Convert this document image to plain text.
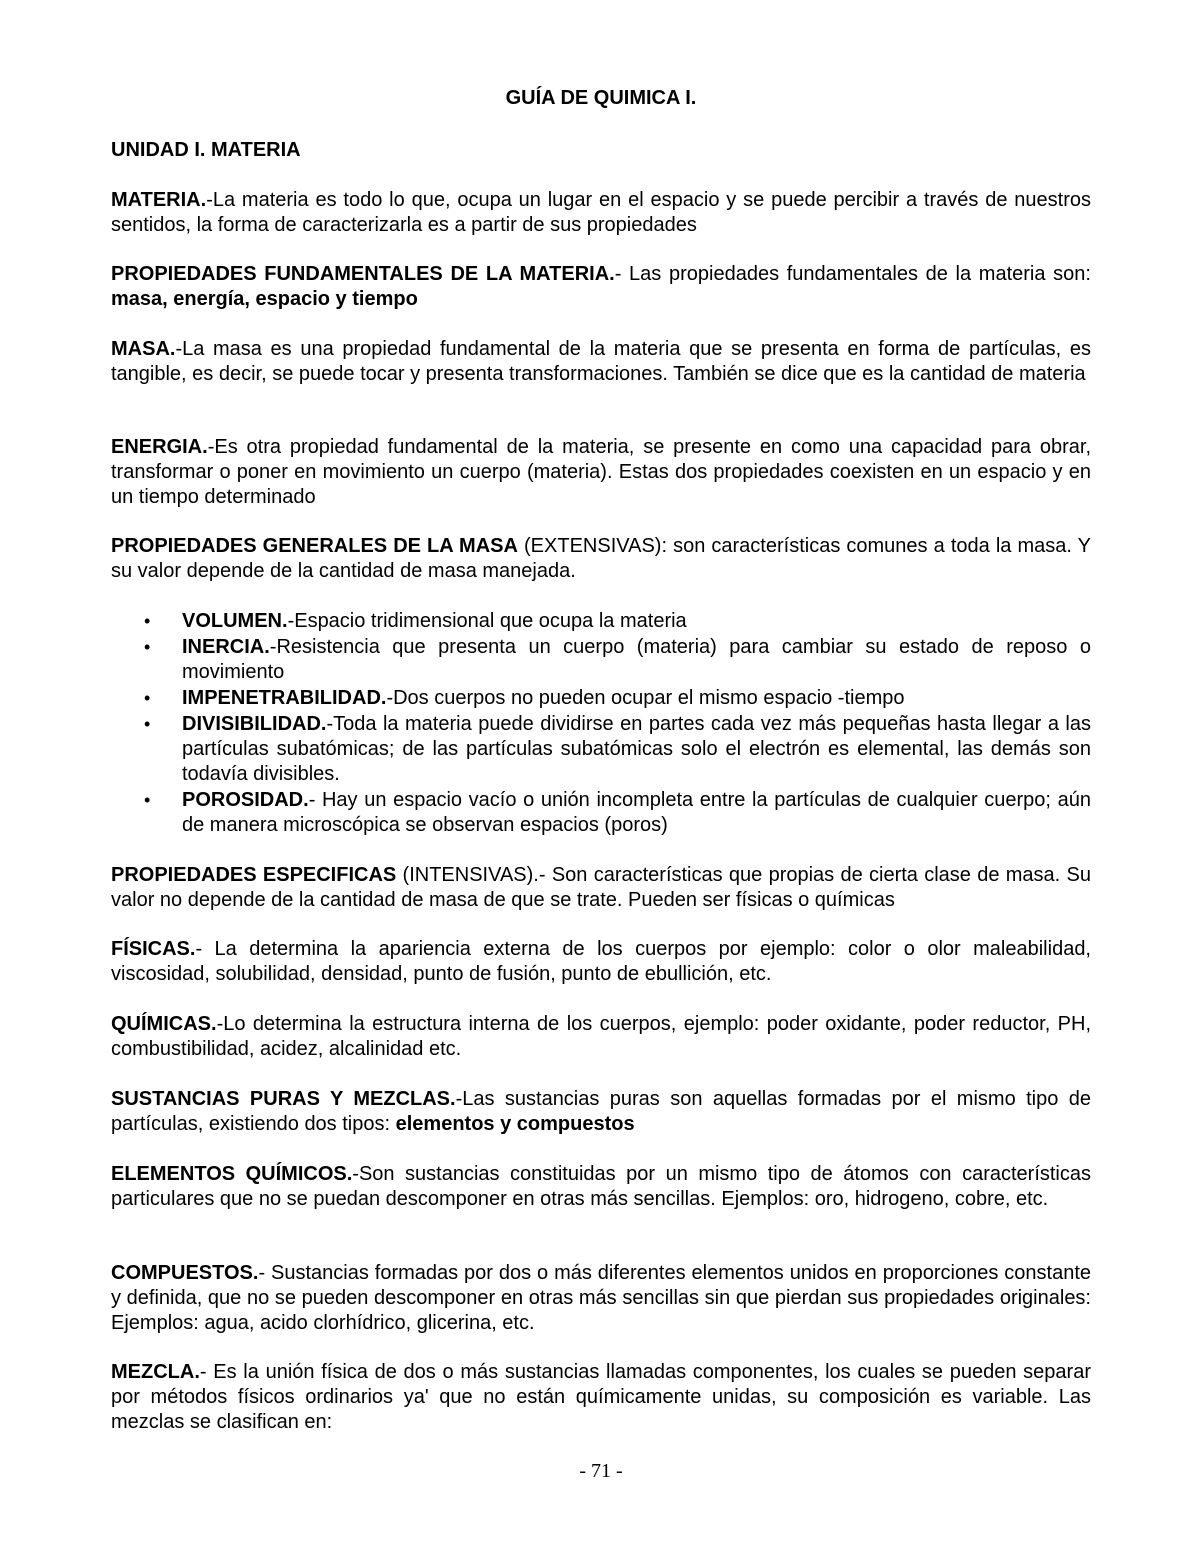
GUÍA DE QUIMICA I.

UNIDAD I. MATERIA

MATERIA.-La materia es todo lo que, ocupa un lugar en el espacio y se puede percibir a través de nuestros sentidos, la forma de caracterizarla es a partir de sus propiedades

PROPIEDADES FUNDAMENTALES DE LA MATERIA.- Las propiedades fundamentales de la materia son: masa, energía, espacio y tiempo

MASA.-La masa es una propiedad fundamental de la materia que se presenta en forma de partículas, es tangible, es decir, se puede tocar y presenta transformaciones. También se dice que es la cantidad de materia

ENERGIA.-Es otra propiedad fundamental de la materia, se presente en como una capacidad para obrar, transformar o poner en movimiento un cuerpo (materia). Estas dos propiedades coexisten en un espacio y en un tiempo determinado

PROPIEDADES GENERALES DE LA MASA (EXTENSIVAS): son características comunes a toda la masa. Y su valor depende de la cantidad de masa manejada.

• VOLUMEN.-Espacio tridimensional que ocupa la materia
• INERCIA.-Resistencia que presenta un cuerpo (materia) para cambiar su estado de reposo o movimiento
• IMPENETRABILIDAD.-Dos cuerpos no pueden ocupar el mismo espacio -tiempo
• DIVISIBILIDAD.-Toda la materia puede dividirse en partes cada vez más pequeñas hasta llegar a las partículas subatómicas; de las partículas subatómicas solo el electrón es elemental, las demás son todavía divisibles.
• POROSIDAD.- Hay un espacio vacío o unión incompleta entre la partículas de cualquier cuerpo; aún de manera microscópica se observan espacios (poros)

PROPIEDADES ESPECIFICAS (INTENSIVAS).- Son características que propias de cierta clase de masa. Su valor no depende de la cantidad de masa de que se trate. Pueden ser físicas o químicas

FÍSICAS.- La determina la apariencia externa de los cuerpos por ejemplo: color o olor maleabilidad, viscosidad, solubilidad, densidad, punto de fusión, punto de ebullición, etc.

QUÍMICAS.-Lo determina la estructura interna de los cuerpos, ejemplo: poder oxidante, poder reductor, PH, combustibilidad, acidez, alcalinidad etc.

SUSTANCIAS PURAS Y MEZCLAS.-Las sustancias puras son aquellas formadas por el mismo tipo de partículas, existiendo dos tipos: elementos y compuestos

ELEMENTOS QUÍMICOS.-Son sustancias constituidas por un mismo tipo de átomos con características particulares que no se puedan descomponer en otras más sencillas. Ejemplos: oro, hidrogeno, cobre, etc.

COMPUESTOS.- Sustancias formadas por dos o más diferentes elementos unidos en proporciones constante y definida, que no se pueden descomponer en otras más sencillas sin que pierdan sus propiedades originales: Ejemplos: agua, acido clorhídrico, glicerina, etc.

MEZCLA.- Es la unión física de dos o más sustancias llamadas componentes, los cuales se pueden separar por métodos físicos ordinarios ya' que no están químicamente unidas, su composición es variable. Las mezclas se clasifican en:

- 71 -
